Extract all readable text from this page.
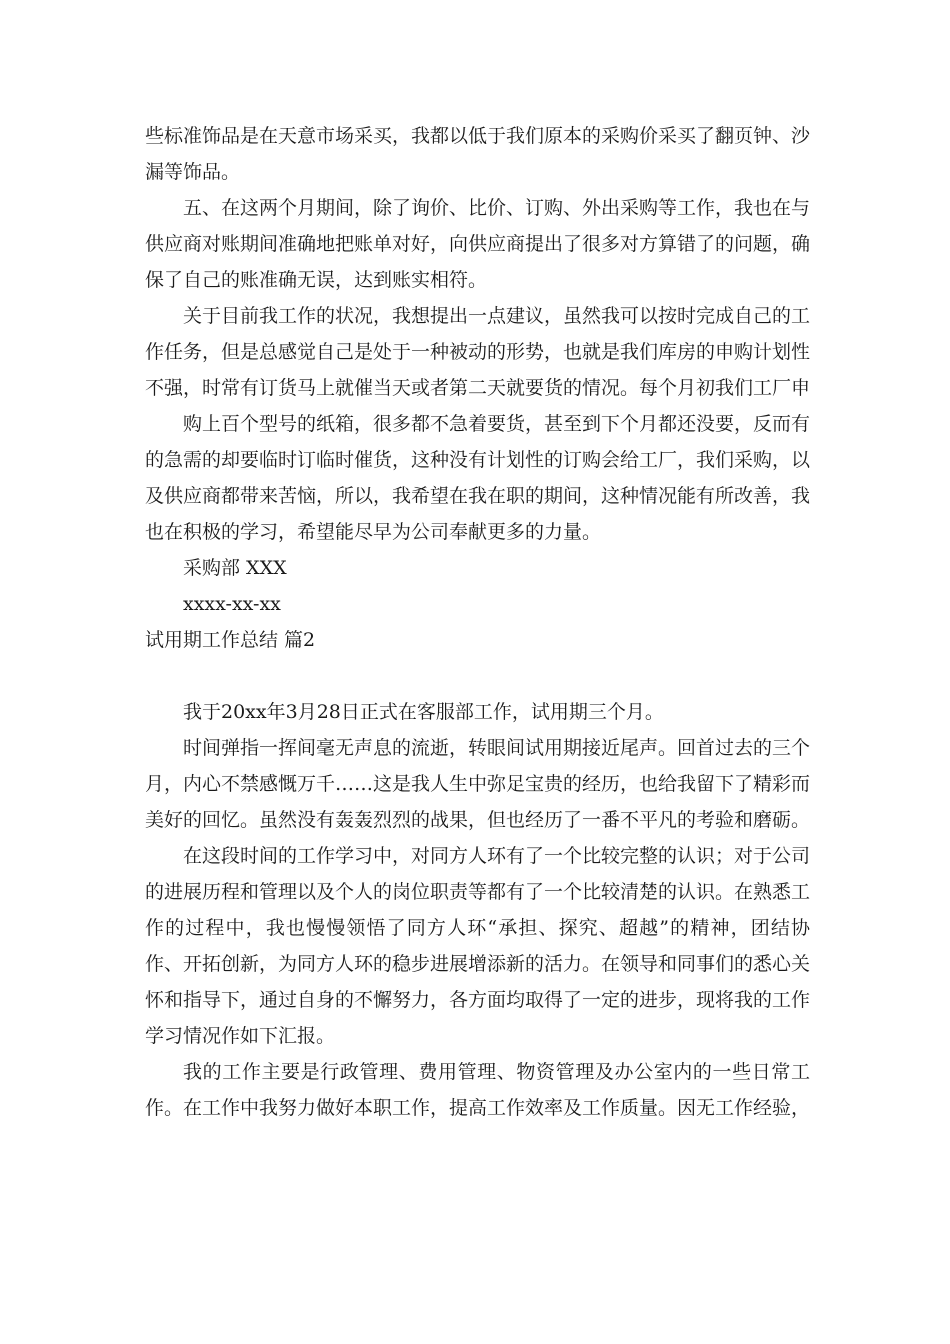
些标准饰品是在天意市场采买，我都以低于我们原本的采购价采买了翻页钟、沙漏等饰品。

五、在这两个月期间，除了询价、比价、订购、外出采购等工作，我也在与供应商对账期间准确地把账单对好，向供应商提出了很多对方算错了的问题，确保了自己的账准确无误，达到账实相符。

关于目前我工作的状况，我想提出一点建议，虽然我可以按时完成自己的工作任务，但是总感觉自己是处于一种被动的形势，也就是我们库房的申购计划性不强，时常有订货马上就催当天或者第二天就要货的情况。每个月初我们工厂申

购上百个型号的纸箱，很多都不急着要货，甚至到下个月都还没要，反而有的急需的却要临时订临时催货，这种没有计划性的订购会给工厂，我们采购，以及供应商都带来苦恼，所以，我希望在我在职的期间，这种情况能有所改善，我也在积极的学习，希望能尽早为公司奉献更多的力量。

采购部 XXX

xxxx-xx-xx

试用期工作总结 篇2

我于20xx年3月28日正式在客服部工作，试用期三个月。

时间弹指一挥间毫无声息的流逝，转眼间试用期接近尾声。回首过去的三个月，内心不禁感慨万千……这是我人生中弥足宝贵的经历，也给我留下了精彩而美好的回忆。虽然没有轰轰烈烈的战果，但也经历了一番不平凡的考验和磨砺。

在这段时间的工作学习中，对同方人环有了一个比较完整的认识；对于公司的进展历程和管理以及个人的岗位职责等都有了一个比较清楚的认识。在熟悉工作的过程中，我也慢慢领悟了同方人环“承担、探究、超越”的精神，团结协作、开拓创新，为同方人环的稳步进展增添新的活力。在领导和同事们的悉心关怀和指导下，通过自身的不懈努力，各方面均取得了一定的进步，现将我的工作学习情况作如下汇报。

我的工作主要是行政管理、费用管理、物资管理及办公室内的一些日常工作。在工作中我努力做好本职工作，提高工作效率及工作质量。因无工作经验，
